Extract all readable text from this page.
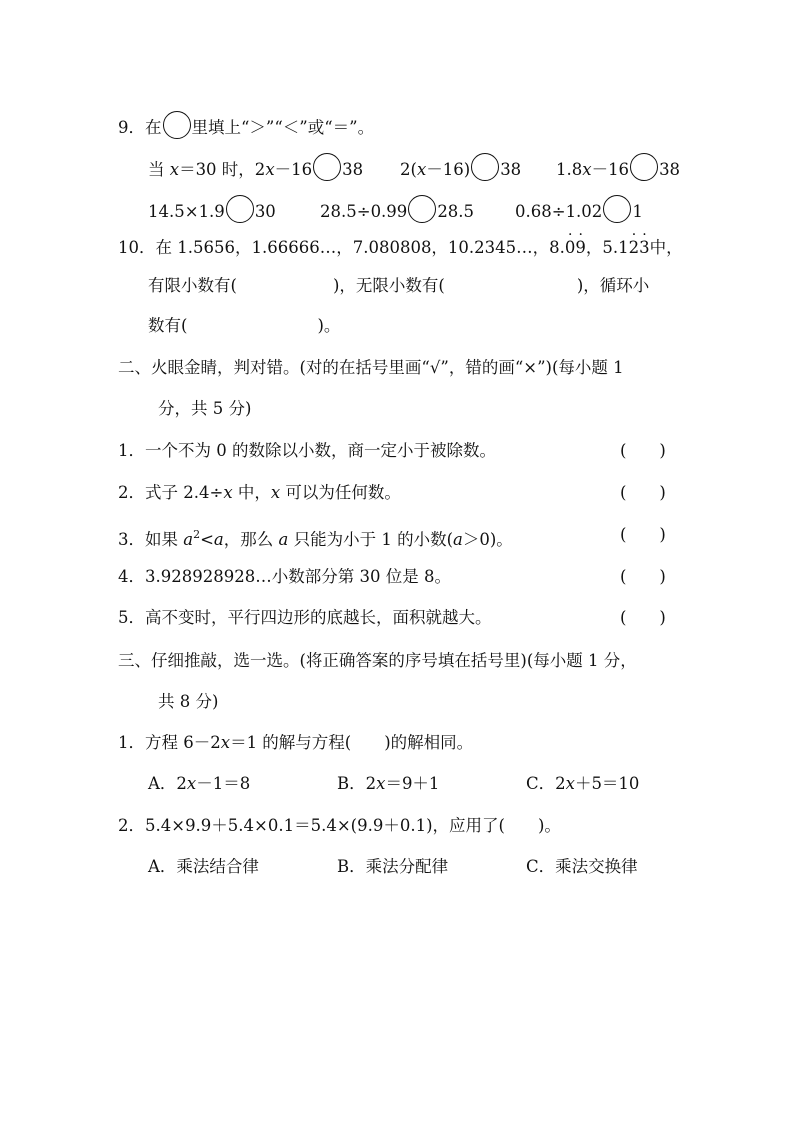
9．在 里填上“＞”“＜”或“＝”。
当 x＝30 时，2x－16 38 2(x－16) 38 1.8x－16 38
14.5×1.9 30	28.5÷0.99 28.5 0.68÷1.02 1
10．在 1.5656，1.66666…，7.080808，10.2345…，8.· 0· 9，5.1· 2· 3中，
有限小数有(	)，无限小数有(	)，循环小
数有(	)。
二、火眼金睛，判对错。(对的在括号里画“√”，错的画“×”)(每小题 1
分，共 5 分)
1．一个不为 0 的数除以小数，商一定小于被除数。	(　　)
2．式子 2.4÷x 中，x 可以为任何数。	(　　)
3．如果 $a^2<a$，那么 a 只能为小于 1 的小数(a＞0)。	(　　)
4．3.928928928…小数部分第 30 位是 8。	(　　)
5．高不变时，平行四边形的底越长，面积就越大。	(　　)
三、仔细推敲，选一选。(将正确答案的序号填在括号里)(每小题 1 分，
共 8 分)
1．方程 6－2x＝1 的解与方程(　　)的解相同。
A．2x－1＝8	B．2x＝9＋1	C．2x＋5＝10
2．5.4×9.9＋5.4×0.1＝5.4×(9.9＋0.1)，应用了(　　)。
A．乘法结合律	B．乘法分配律	C．乘法交换律
